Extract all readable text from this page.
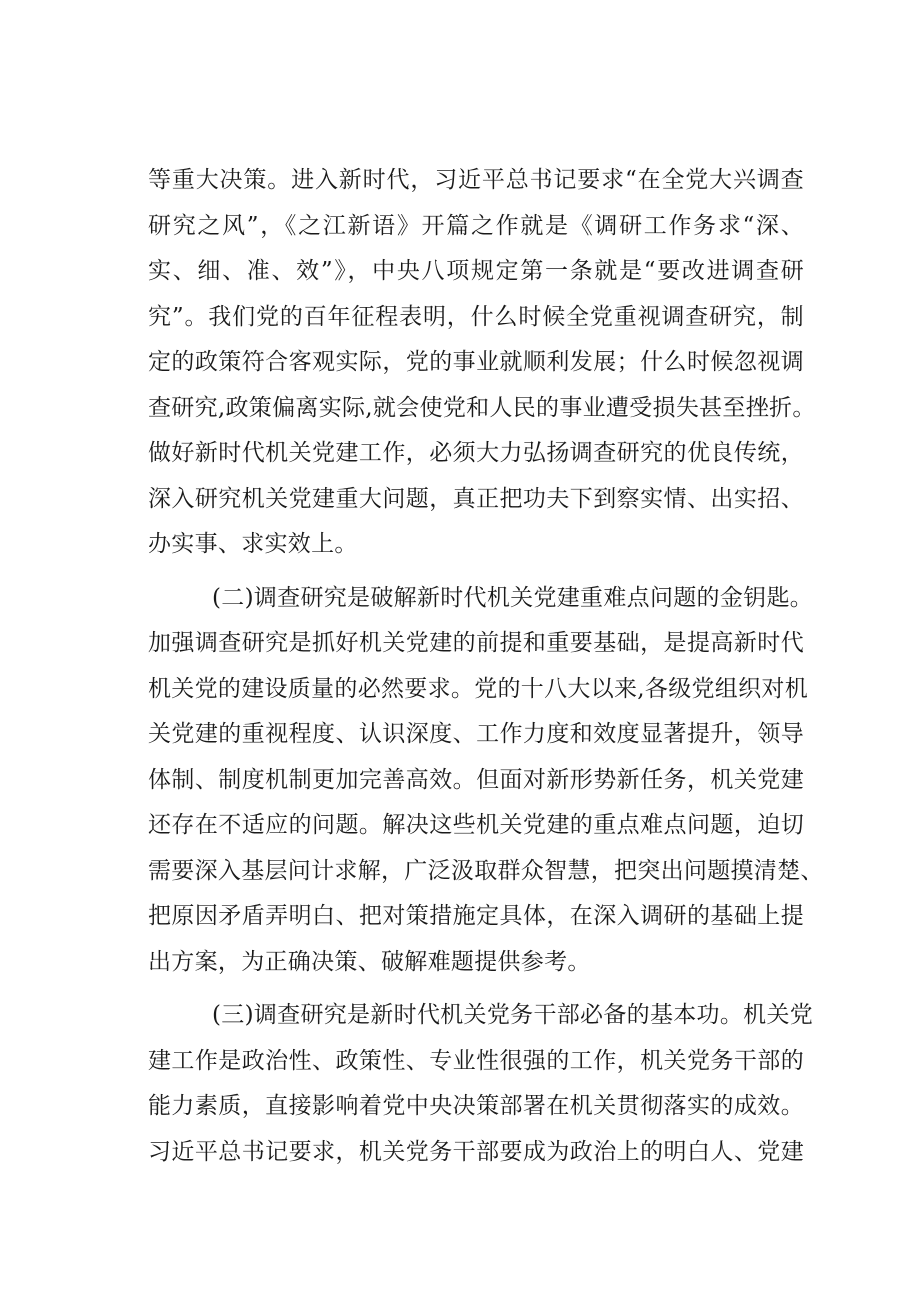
等重大决策。进入新时代，习近平总书记要求“在全党大兴调查
研究之风”，《之江新语》开篇之作就是《调研工作务求“深、
实、细、准、效”》，中央八项规定第一条就是“要改进调查研
究”。我们党的百年征程表明，什么时候全党重视调查研究，制
定的政策符合客观实际，党的事业就顺利发展；什么时候忽视调
查研究,政策偏离实际,就会使党和人民的事业遭受损失甚至挫折。
做好新时代机关党建工作，必须大力弘扬调查研究的优良传统，
深入研究机关党建重大问题，真正把功夫下到察实情、出实招、
办实事、求实效上。
(二)调查研究是破解新时代机关党建重难点问题的金钥匙。
加强调查研究是抓好机关党建的前提和重要基础，是提高新时代
机关党的建设质量的必然要求。党的十八大以来,各级党组织对机
关党建的重视程度、认识深度、工作力度和效度显著提升，领导
体制、制度机制更加完善高效。但面对新形势新任务，机关党建
还存在不适应的问题。解决这些机关党建的重点难点问题，迫切
需要深入基层问计求解，广泛汲取群众智慧，把突出问题摸清楚、
把原因矛盾弄明白、把对策措施定具体，在深入调研的基础上提
出方案，为正确决策、破解难题提供参考。
(三)调查研究是新时代机关党务干部必备的基本功。机关党
建工作是政治性、政策性、专业性很强的工作，机关党务干部的
能力素质，直接影响着党中央决策部署在机关贯彻落实的成效。
习近平总书记要求，机关党务干部要成为政治上的明白人、党建
